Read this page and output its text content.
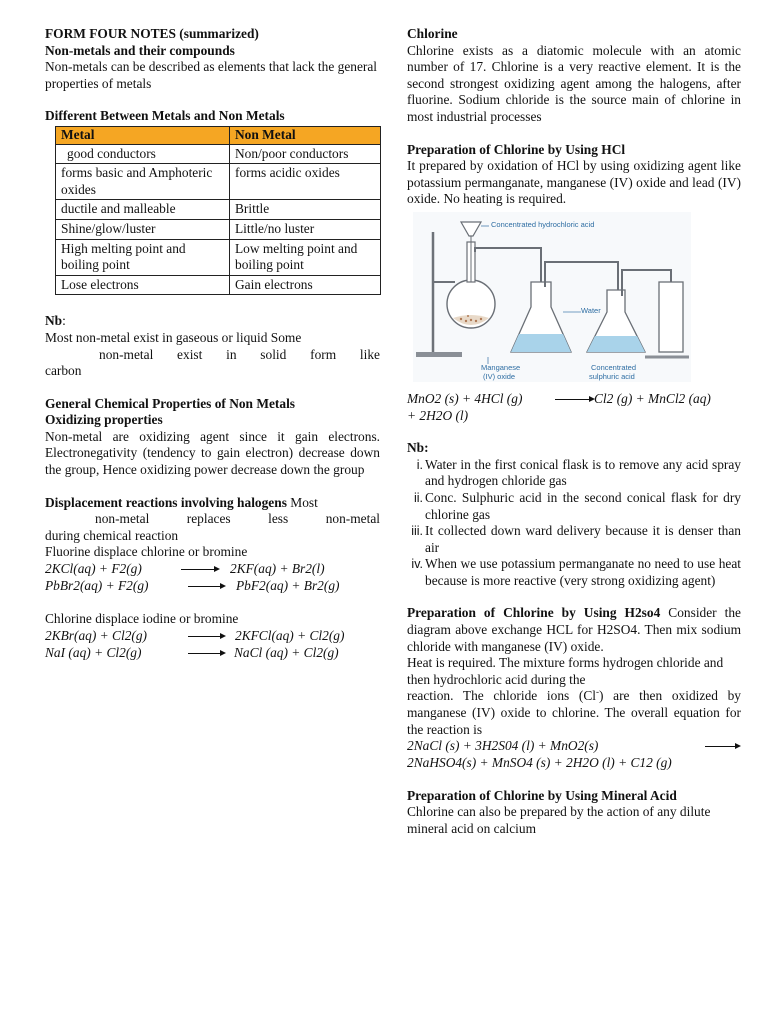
FORM FOUR NOTES (summarized)

Non-metals and their compounds

Non-metals can be described as elements that lack the general properties of metals

Different Between Metals and Non Metals

Metal	Non Metal
good conductors	Non/poor conductors
forms basic and Amphoteric oxides	forms acidic oxides
ductile and malleable	Brittle
Shine/glow/luster	Little/no luster
High melting point and boiling point	Low melting point and boiling point
Lose electrons	Gain electrons

Nb:

Most non-metal exist in gaseous or liquid Some

non-metal exist in solid form like

carbon

General Chemical Properties of Non Metals

Oxidizing properties

Non-metal are oxidizing agent since it gain electrons. Electronegativity (tendency to gain electron) decrease down the group, Hence oxidizing power decrease down the group

Displacement reactions involving halogens Most

non-metal replaces less non-metal

during chemical reaction

Fluorine displace chlorine or bromine

2KCl(aq) + F2(g)	2KF(aq) + Br2(l)
PbBr2(aq) + F2(g)	PbF2(aq) + Br2(g)

Chlorine displace iodine or bromine

2KBr(aq) + Cl2(g)	2KFCl(aq) + Cl2(g)
NaI (aq) + Cl2(g)	NaCl (aq) + Cl2(g)

Chlorine

Chlorine exists as a diatomic molecule with an atomic number of 17. Chlorine is a very reactive element. It is the second strongest oxidizing agent among the halogens, after fluorine. Sodium chloride is the source main of chlorine in most industrial processes

Preparation of Chlorine by Using HCl

It prepared by oxidation of HCl by using oxidizing agent like potassium permanganate, manganese (IV) oxide and lead (IV) oxide. No heating is required.

Concentrated hydrochloric acid
Water
Manganese
(IV) oxide
Concentrated
sulphuric acid
MnO2 (s) + 4HCl (g)	Cl2 (g) + MnCl2 (aq)

+ 2H2O (l)

Nb:

i. Water in the first conical flask is to remove any acid spray and hydrogen chloride gas
ii. Conc. Sulphuric acid in the second conical flask for dry chlorine gas
iii. It collected down ward delivery because it is denser than air
iv. When we use potassium permanganate no need to use heat because is more reactive (very strong oxidizing agent)

Preparation of Chlorine by Using H2so4 Consider the diagram above exchange HCL for H2SO4. Then mix sodium chloride with manganese (IV) oxide.

Heat is required. The mixture forms hydrogen chloride and then hydrochloric acid during the

reaction. The chloride ions (Cl-) are then oxidized by manganese (IV) oxide to chlorine. The overall equation for the reaction is

2NaCl (s) + 3H2S04 (l) + MnO2(s)

2NaHSO4(s) + MnSO4 (s) + 2H2O (l) + C12 (g)

Preparation of Chlorine by Using Mineral Acid

Chlorine can also be prepared by the action of any dilute mineral acid on calcium
